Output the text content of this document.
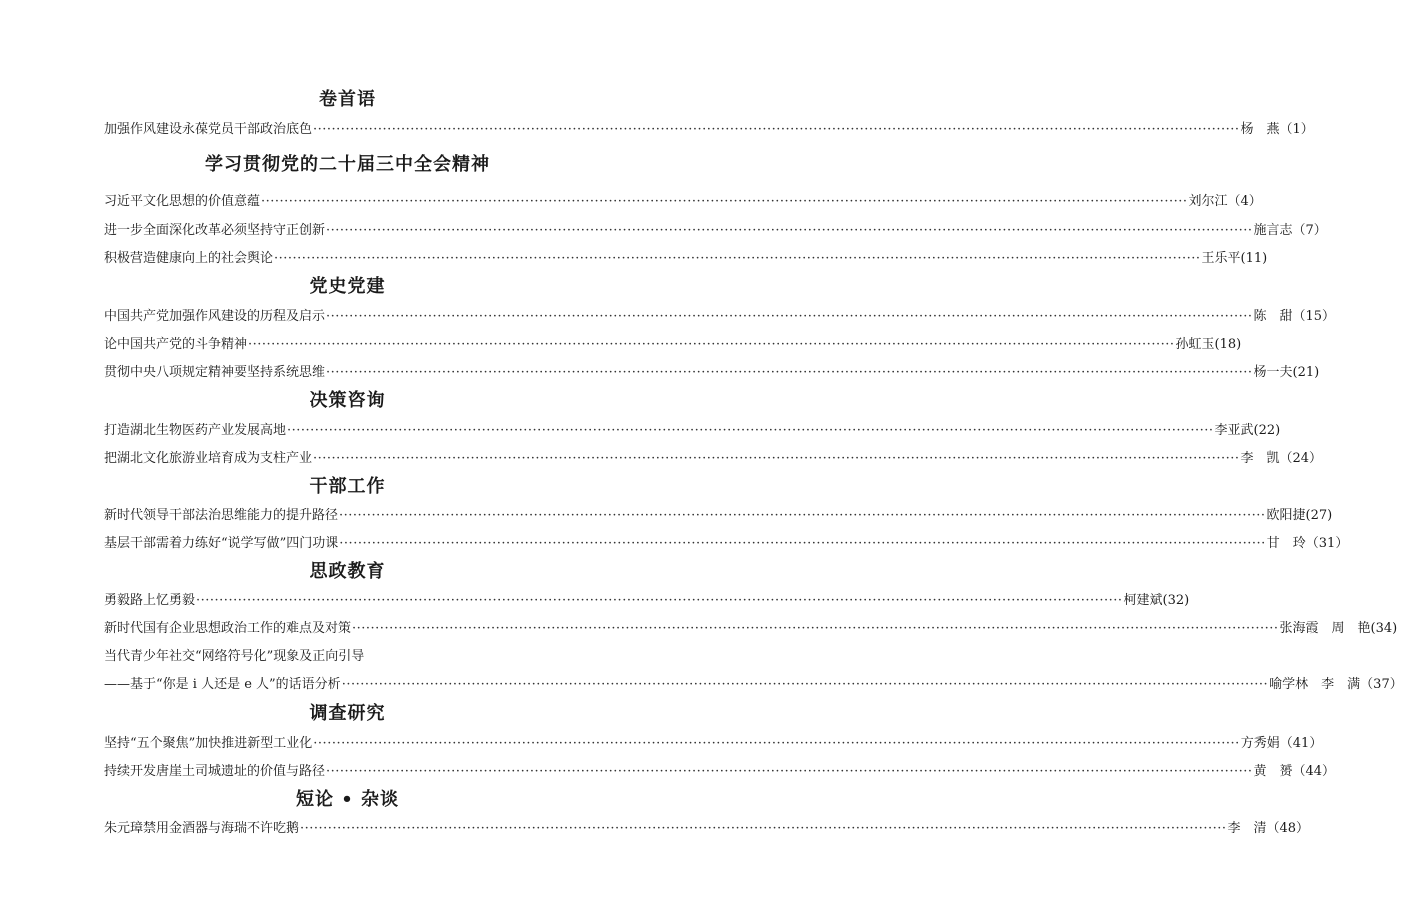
卷首语
加强作风建设永葆党员干部政治底色 ········································································································································································································ 杨　燕 （1）
学习贯彻党的二十届三中全会精神
习近平文化思想的价值意蕴 ········································································································································································································ 刘尔江 （4）
进一步全面深化改革必须坚持守正创新 ········································································································································································································ 施言志 （7）
积极营造健康向上的社会舆论 ········································································································································································································ 王乐平 (11)
党史党建
中国共产党加强作风建设的历程及启示 ········································································································································································································ 陈　甜 （15）
论中国共产党的斗争精神 ········································································································································································································ 孙虹玉 (18)
贯彻中央八项规定精神要坚持系统思维 ········································································································································································································ 杨一夫 (21)
决策咨询
打造湖北生物医药产业发展高地 ········································································································································································································ 李亚武 (22)
把湖北文化旅游业培育成为支柱产业 ········································································································································································································ 李　凯 （24）
干部工作
新时代领导干部法治思维能力的提升路径 ········································································································································································································ 欧阳捷 (27)
基层干部需着力练好“说学写做”四门功课 ········································································································································································································ 甘　玲 （31）
思政教育
勇毅路上忆勇毅 ········································································································································································································ 柯建斌 (32)
新时代国有企业思想政治工作的难点及对策 ········································································································································································································ 张海霞　周　艳 (34)
当代青少年社交“网络符号化”现象及正向引导
——基于“你是 i 人还是 e 人”的话语分析 ········································································································································································································ 喻学林　李　满 （37）
调查研究
坚持“五个聚焦”加快推进新型工业化 ········································································································································································································ 方秀娟 （41）
持续开发唐崖土司城遗址的价值与路径 ········································································································································································································ 黄　赟 （44）
短论 • 杂谈
朱元璋禁用金酒器与海瑞不许吃鹅 ········································································································································································································ 李　清 （48）
